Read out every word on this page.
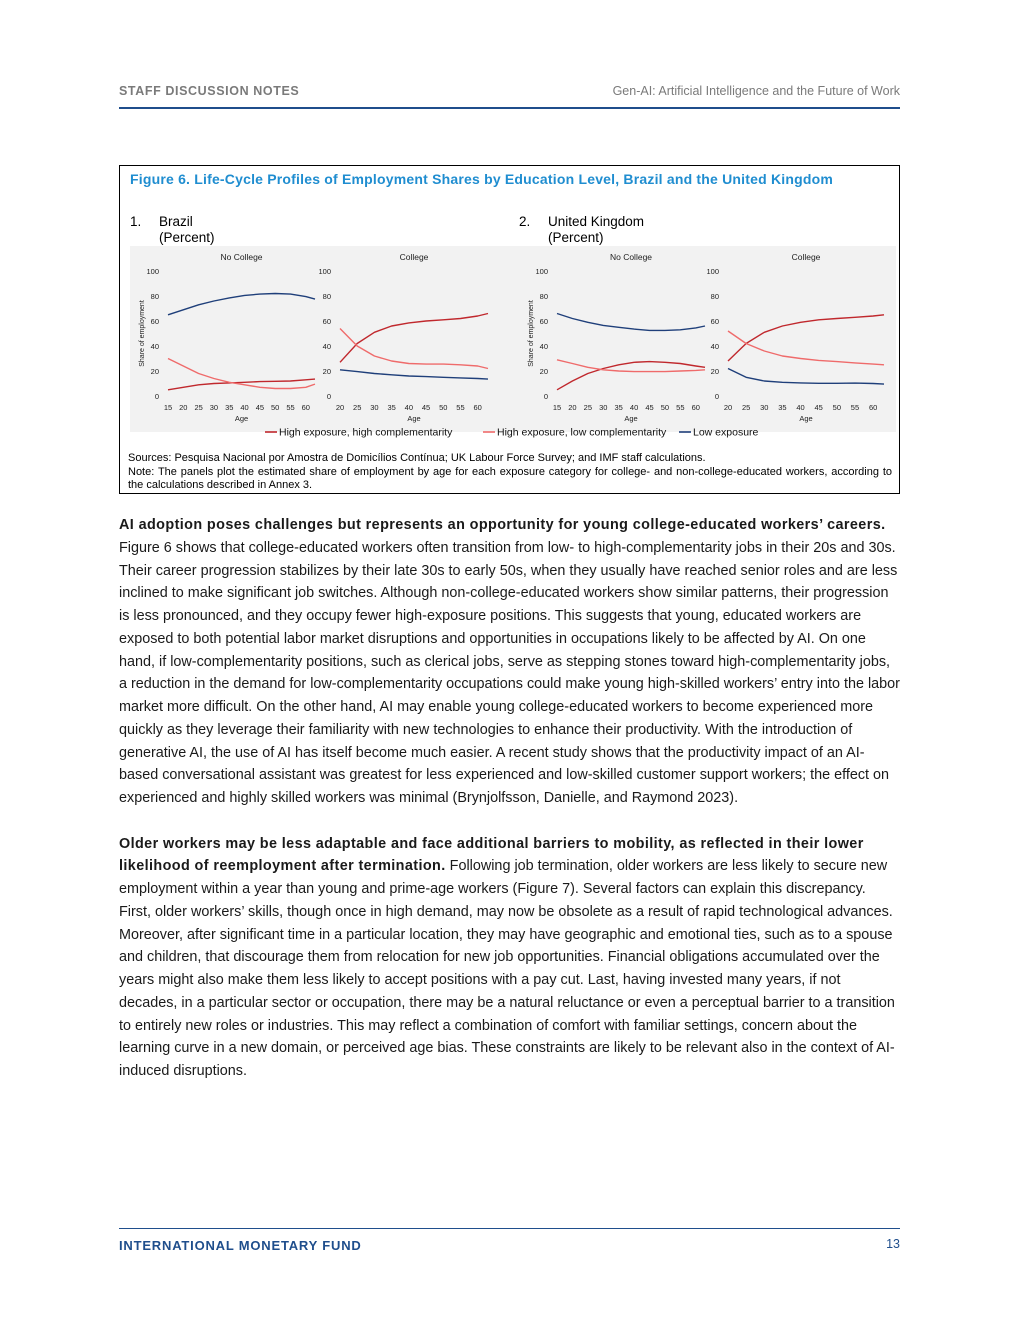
STAFF DISCUSSION NOTES	Gen-AI: Artificial Intelligence and the Future of Work
Figure 6. Life-Cycle Profiles of Employment Shares by Education Level, Brazil and the United Kingdom
1. Brazil
(Percent)
2. United Kingdom
(Percent)
No College
0
20
40
60
80
100
15 20 25 30 35 40 45 50 55 60
Age
Share of employment
College
0
20
40
60
80
100
20 25 30 35 40 45 50 55 60
Age
No College
0
20
40
60
80
100
15 20 25 30 35 40 45 50 55 60
Age
Share of employment
College
0
20
40
60
80
100
20 25 30 35 40 45 50 55 60
Age
High exposure, high complementarity	High exposure, low complementarity	Low exposure

Sources: Pesquisa Nacional por Amostra de Domicílios Contínua; UK Labour Force Survey; and IMF staff calculations.

Note: The panels plot the estimated share of employment by age for each exposure category for college- and non-college-educated workers, according to the calculations described in Annex 3.

AI adoption poses challenges but represents an opportunity for young college-educated workers’ careers. Figure 6 shows that college-educated workers often transition from low- to high-complementarity jobs in their 20s and 30s. Their career progression stabilizes by their late 30s to early 50s, when they usually have reached senior roles and are less inclined to make significant job switches. Although non-college-educated workers show similar patterns, their progression is less pronounced, and they occupy fewer high-exposure positions. This suggests that young, educated workers are exposed to both potential labor market disruptions and opportunities in occupations likely to be affected by AI. On one hand, if low-complementarity positions, such as clerical jobs, serve as stepping stones toward high-complementarity jobs, a reduction in the demand for low-complementarity occupations could make young high-skilled workers’ entry into the labor market more difficult. On the other hand, AI may enable young college-educated workers to become experienced more quickly as they leverage their familiarity with new technologies to enhance their productivity. With the introduction of generative AI, the use of AI has itself become much easier. A recent study shows that the productivity impact of an AI-based conversational assistant was greatest for less experienced and low-skilled customer support workers; the effect on experienced and highly skilled workers was minimal (Brynjolfsson, Danielle, and Raymond 2023).

Older workers may be less adaptable and face additional barriers to mobility, as reflected in their lower likelihood of reemployment after termination. Following job termination, older workers are less likely to secure new employment within a year than young and prime-age workers (Figure 7). Several factors can explain this discrepancy. First, older workers’ skills, though once in high demand, may now be obsolete as a result of rapid technological advances. Moreover, after significant time in a particular location, they may have geographic and emotional ties, such as to a spouse and children, that discourage them from relocation for new job opportunities. Financial obligations accumulated over the years might also make them less likely to accept positions with a pay cut. Last, having invested many years, if not decades, in a particular sector or occupation, there may be a natural reluctance or even a perceptual barrier to a transition to entirely new roles or industries. This may reflect a combination of comfort with familiar settings, concern about the learning curve in a new domain, or perceived age bias. These constraints are likely to be relevant also in the context of AI-induced disruptions.

INTERNATIONAL MONETARY FUND	13
